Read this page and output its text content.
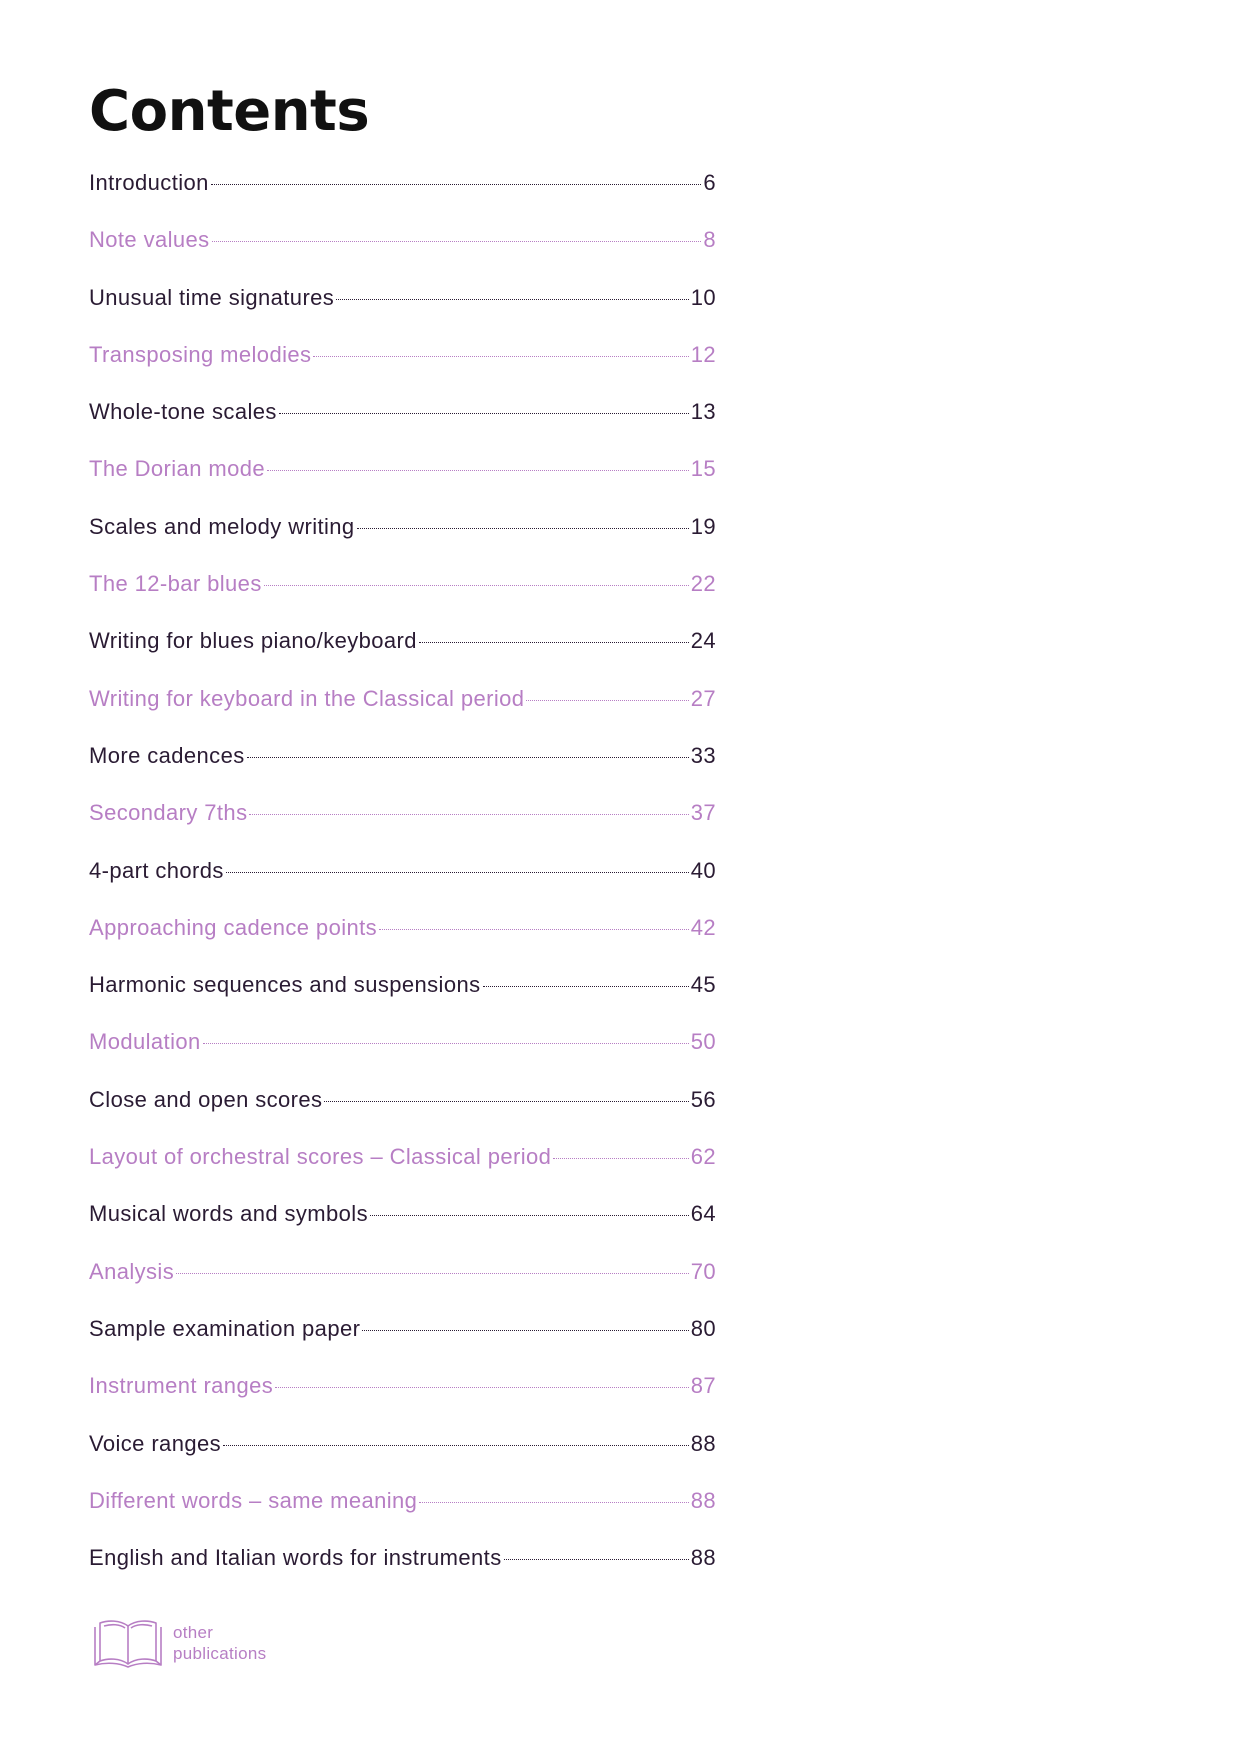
Contents
Introduction	6
Note values	8
Unusual time signatures	10
Transposing melodies	12
Whole-tone scales	13
The Dorian mode	15
Scales and melody writing	19
The 12-bar blues	22
Writing for blues piano/keyboard	24
Writing for keyboard in the Classical period	27
More cadences	33
Secondary 7ths	37
4-part chords	40
Approaching cadence points	42
Harmonic sequences and suspensions	45
Modulation	50
Close and open scores	56
Layout of orchestral scores – Classical period	62
Musical words and symbols	64
Analysis	70
Sample examination paper	80
Instrument ranges	87
Voice ranges	88
Different words – same meaning	88
English and Italian words for instruments	88
other
publications
